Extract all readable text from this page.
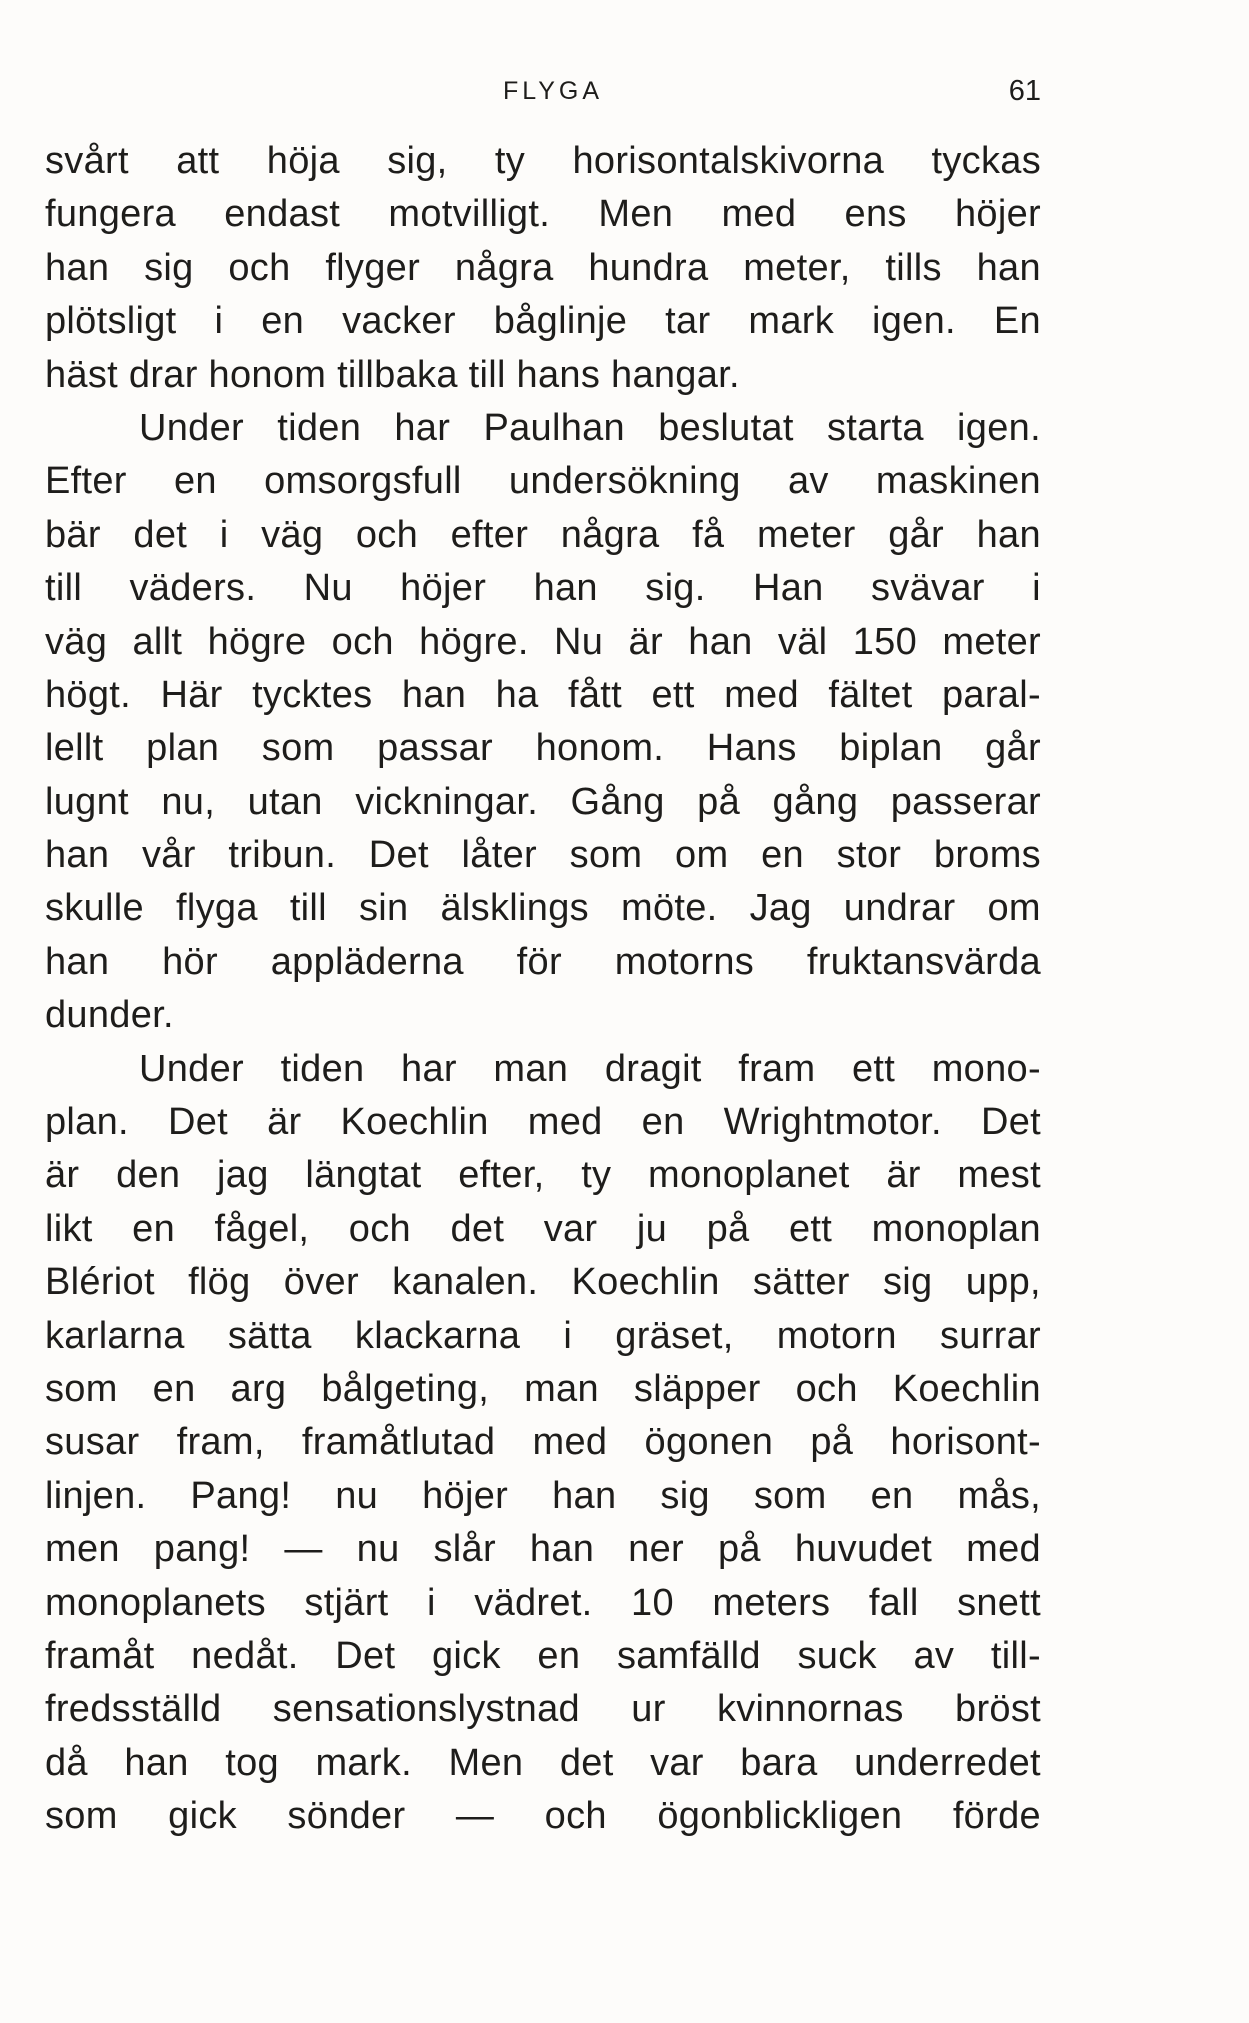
FLYGA	61
svårt att höja sig, ty horisontalskivorna tyckas
fungera endast motvilligt. Men med ens höjer
han sig och flyger några hundra meter, tills han
plötsligt i en vacker båglinje tar mark igen. En
häst drar honom tillbaka till hans hangar.
Under tiden har Paulhan beslutat starta igen.
Efter en omsorgsfull undersökning av maskinen
bär det i väg och efter några få meter går han
till väders. Nu höjer han sig. Han svävar i
väg allt högre och högre. Nu är han väl 150 meter
högt. Här tycktes han ha fått ett med fältet paral-
lellt plan som passar honom. Hans biplan går
lugnt nu, utan vickningar. Gång på gång passerar
han vår tribun. Det låter som om en stor broms
skulle flyga till sin älsklings möte. Jag undrar om
han hör appläderna för motorns fruktansvärda
dunder.
Under tiden har man dragit fram ett mono-
plan. Det är Koechlin med en Wrightmotor. Det
är den jag längtat efter, ty monoplanet är mest
likt en fågel, och det var ju på ett monoplan
Blériot flög över kanalen. Koechlin sätter sig upp,
karlarna sätta klackarna i gräset, motorn surrar
som en arg bålgeting, man släpper och Koechlin
susar fram, framåtlutad med ögonen på horisont-
linjen. Pang! nu höjer han sig som en mås,
men pang! — nu slår han ner på huvudet med
monoplanets stjärt i vädret. 10 meters fall snett
framåt nedåt. Det gick en samfälld suck av till-
fredsställd sensationslystnad ur kvinnornas bröst
då han tog mark. Men det var bara underredet
som gick sönder — och ögonblickligen förde
